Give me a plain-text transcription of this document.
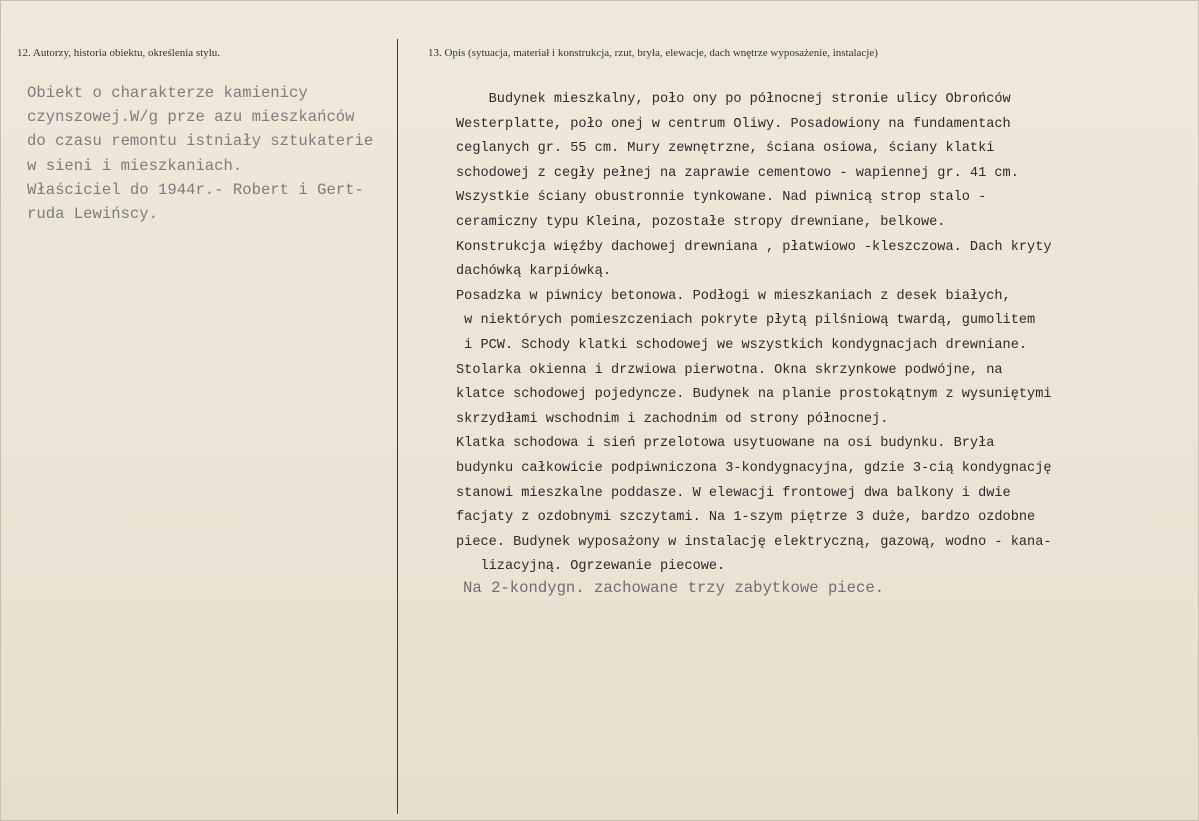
12. Autorzy, historia obiektu, określenia stylu.	13. Opis (sytuacja, materiał i konstrukcja, rzut, bryła, elewacje, dach wnętrze wyposażenie, instalacje)
Obiekt o charakterze kamienicy
czynszowej.W/g prze azu mieszkańców
do czasu remontu istniały sztukaterie
w sieni i mieszkaniach.
Właściciel do 1944r.- Robert i Gert-
ruda Lewińscy.
Budynek mieszkalny, poło ony po północnej stronie ulicy Obrońców
Westerplatte, poło onej w centrum Oliwy. Posadowiony na fundamentach
ceglanych gr. 55 cm. Mury zewnętrzne, ściana osiowa, ściany klatki
schodowej z cegły pełnej na zaprawie cementowo - wapiennej gr. 41 cm.
Wszystkie ściany obustronnie tynkowane. Nad piwnicą strop stalo -
ceramiczny typu Kleina, pozostałe stropy drewniane, belkowe.
Konstrukcja więźby dachowej drewniana , płatwiowo -kleszczowa. Dach kryty
dachówką karpiówką.
Posadzka w piwnicy betonowa. Podłogi w mieszkaniach z desek białych,
w niektórych pomieszczeniach pokryte płytą pilśniową twardą, gumolitem
i PCW. Schody klatki schodowej we wszystkich kondygnacjach drewniane.
Stolarka okienna i drzwiowa pierwotna. Okna skrzynkowe podwójne, na
klatce schodowej pojedyncze. Budynek na planie prostokątnym z wysuniętymi
skrzydłami wschodnim i zachodnim od strony północnej.
Klatka schodowa i sień przelotowa usytuowane na osi budynku. Bryła
budynku całkowicie podpiwniczona 3-kondygnacyjna, gdzie 3-cią kondygnację
stanowi mieszkalne poddasze. W elewacji frontowej dwa balkony i dwie
facjaty z ozdobnymi szczytami. Na 1-szym piętrze 3 duże, bardzo ozdobne
piece. Budynek wyposażony w instalację elektryczną, gazową, wodno - kana-
lizacyjną. Ogrzewanie piecowe.
Na 2-kondygn. zachowane trzy zabytkowe piece.
